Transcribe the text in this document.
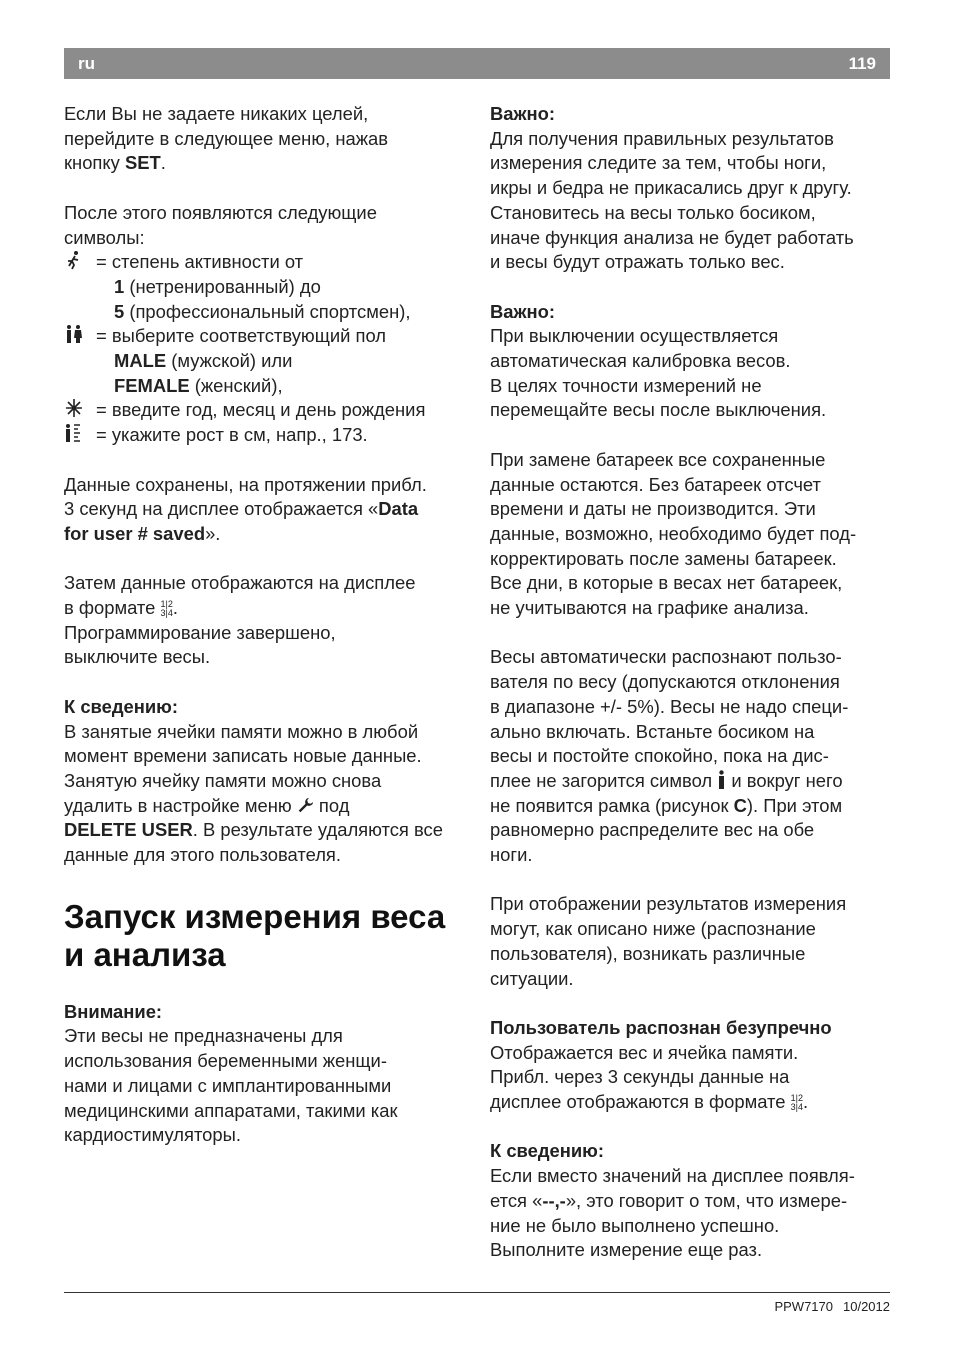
ru	119

Если Вы не задаете никаких целей,
перейдите в следующее меню, нажав
кнопку SET.

После этого появляются следующие
символы:

= степень активности от

1 (нетренированный) до
5 (профессиональный спортсмен),

= выберите соответствующий пол

MALE (мужской) или
FEMALE (женский),

= введите год, месяц и день рождения
= укажите рост в см, напр., 173.

Данные сохранены, на протяжении прибл.
3 секунд на дисплее отображается «Data
for user # saved».

Затем данные отображаются на дисплее
в формате 1|2
3|4.
Программирование завершено,
выключите весы.

К сведению:

В занятые ячейки памяти можно в любой
момент времени записать новые данные.
Занятую ячейку памяти можно снова
удалить в настройке меню  под
DELETE USER. В результате удаляются все
данные для этого пользователя.

Запуск измерения веса
и анализа

Внимание:

Эти весы не предназначены для
использования беременными женщи-
нами и лицами с имплантированными
медицинскими аппаратами, такими как
кардиостимуляторы.

Важно:

Для получения правильных результатов
измерения следите за тем, чтобы ноги,
икры и бедра не прикасались друг к другу.
Становитесь на весы только босиком,
иначе функция анализа не будет работать
и весы будут отражать только вес.

Важно:

При выключении осуществляется
автоматическая калибровка весов.
В целях точности измерений не
перемещайте весы после выключения.

При замене батареек все сохраненные
данные остаются. Без батареек отсчет
времени и даты не производится. Эти
данные, возможно, необходимо будет под-
корректировать после замены батареек.
Все дни, в которые в весах нет батареек,
не учитываются на графике анализа.

Весы автоматически распознают пользо-
вателя по весу (допускаются отклонения
в диапазоне +/- 5%). Весы не надо специ-
ально включать. Встаньте босиком на
весы и постойте спокойно, пока на дис-
плее не загорится символ  и вокруг него
не появится рамка (рисунок C). При этом
равномерно распределите вес на обе
ноги.

При отображении результатов измерения
могут, как описано ниже (распознание
пользователя), возникать различные
ситуации.

Пользователь распознан безупречно

Отображается вес и ячейка памяти.
Прибл. через 3 секунды данные на
дисплее отображаются в формате 1|2
3|4.

К сведению:

Если вместо значений на дисплее появля-
ется «--,-», это говорит о том, что измере-
ние не было выполнено успешно.
Выполните измерение еще раз.

PPW7170 10/2012
